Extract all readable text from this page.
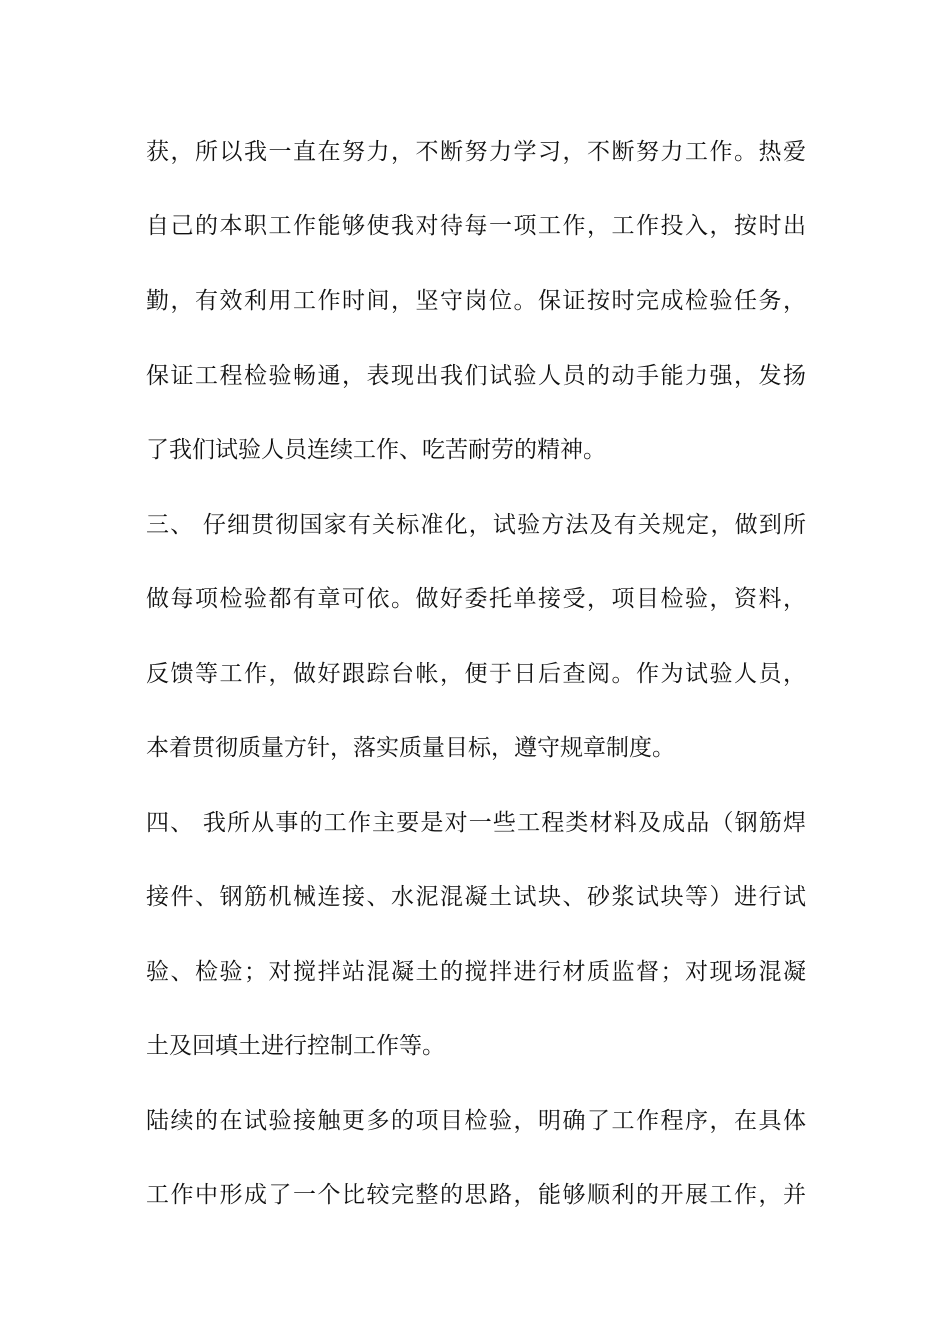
获，所以我一直在努力，不断努力学习，不断努力工作。热爱
自己的本职工作能够使我对待每一项工作，工作投入，按时出
勤，有效利用工作时间，坚守岗位。保证按时完成检验任务，
保证工程检验畅通，表现出我们试验人员的动手能力强，发扬
了我们试验人员连续工作、吃苦耐劳的精神。
三、 仔细贯彻国家有关标准化，试验方法及有关规定，做到所
做每项检验都有章可依。做好委托单接受，项目检验，资料，
反馈等工作，做好跟踪台帐，便于日后查阅。作为试验人员，
本着贯彻质量方针，落实质量目标，遵守规章制度。
四、 我所从事的工作主要是对一些工程类材料及成品（钢筋焊
接件、钢筋机械连接、水泥混凝土试块、砂浆试块等）进行试
验、检验；对搅拌站混凝土的搅拌进行材质监督；对现场混凝
土及回填土进行控制工作等。
陆续的在试验接触更多的项目检验，明确了工作程序，在具体
工作中形成了一个比较完整的思路，能够顺利的开展工作，并
